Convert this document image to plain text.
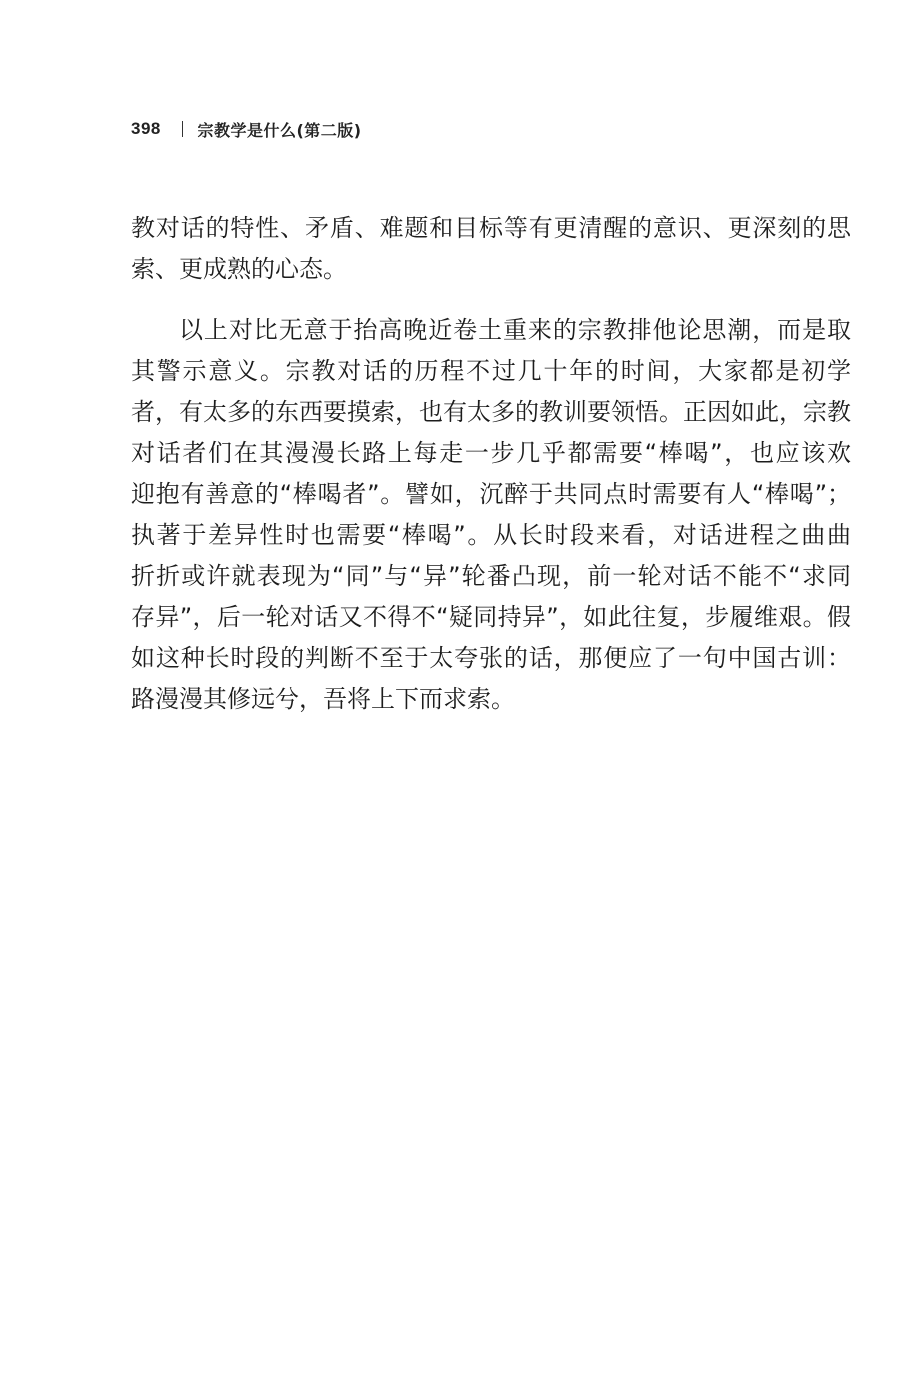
398 宗教学是什么(第二版)
教对话的特性、矛盾、难题和目标等有更清醒的意识、更深刻的思
索、更成熟的心态。
以上对比无意于抬高晚近卷土重来的宗教排他论思潮，而是取
其警示意义。宗教对话的历程不过几十年的时间，大家都是初学
者，有太多的东西要摸索，也有太多的教训要领悟。正因如此，宗教
对话者们在其漫漫长路上每走一步几乎都需要“棒喝”，也应该欢
迎抱有善意的“棒喝者”。譬如，沉醉于共同点时需要有人“棒喝”；
执著于差异性时也需要“棒喝”。从长时段来看，对话进程之曲曲
折折或许就表现为“同”与“异”轮番凸现，前一轮对话不能不“求同
存异”，后一轮对话又不得不“疑同持异”，如此往复，步履维艰。假
如这种长时段的判断不至于太夸张的话，那便应了一句中国古训：
路漫漫其修远兮，吾将上下而求索。
